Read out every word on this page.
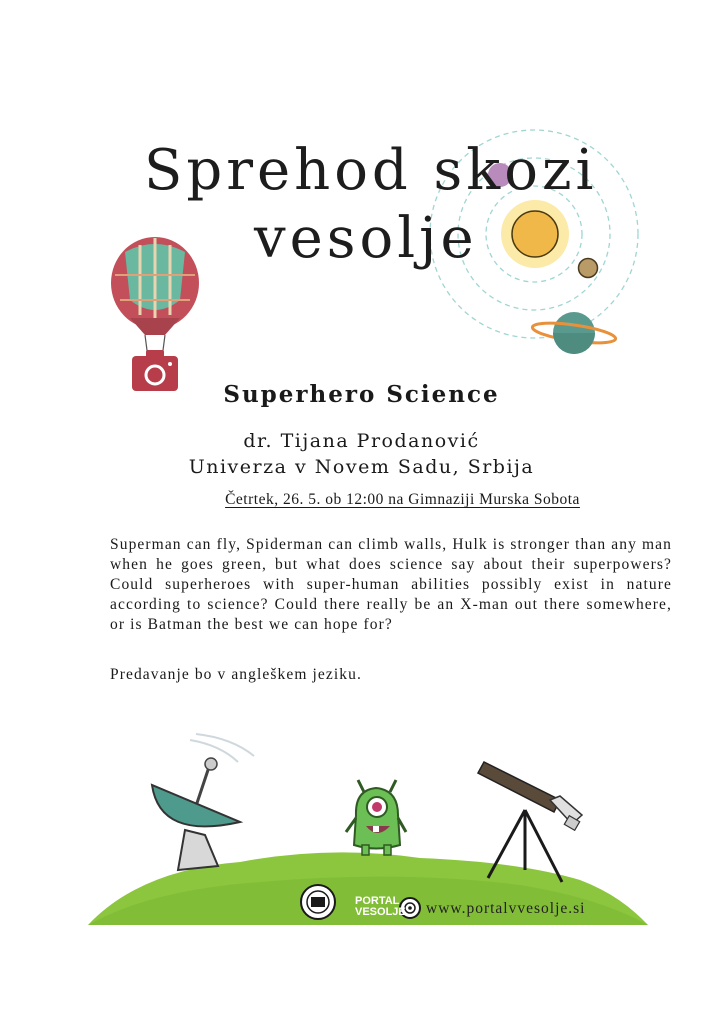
Sprehod skozi
vesolje
Superhero Science
dr. Tijana Prodanović
Univerza v Novem Sadu, Srbija
Četrtek, 26. 5. ob 12:00 na Gimnaziji Murska Sobota
Superman can fly, Spiderman can climb walls, Hulk is stronger than any man when he goes green, but what does science say about their superpowers? Could superheroes with super-human abilities possibly exist in nature according to science? Could there really be an X-man out there somewhere, or is Batman the best we can hope for?
Predavanje bo v angleškem jeziku.
PORTAL
VESOLJE www.portalvvesolje.si
